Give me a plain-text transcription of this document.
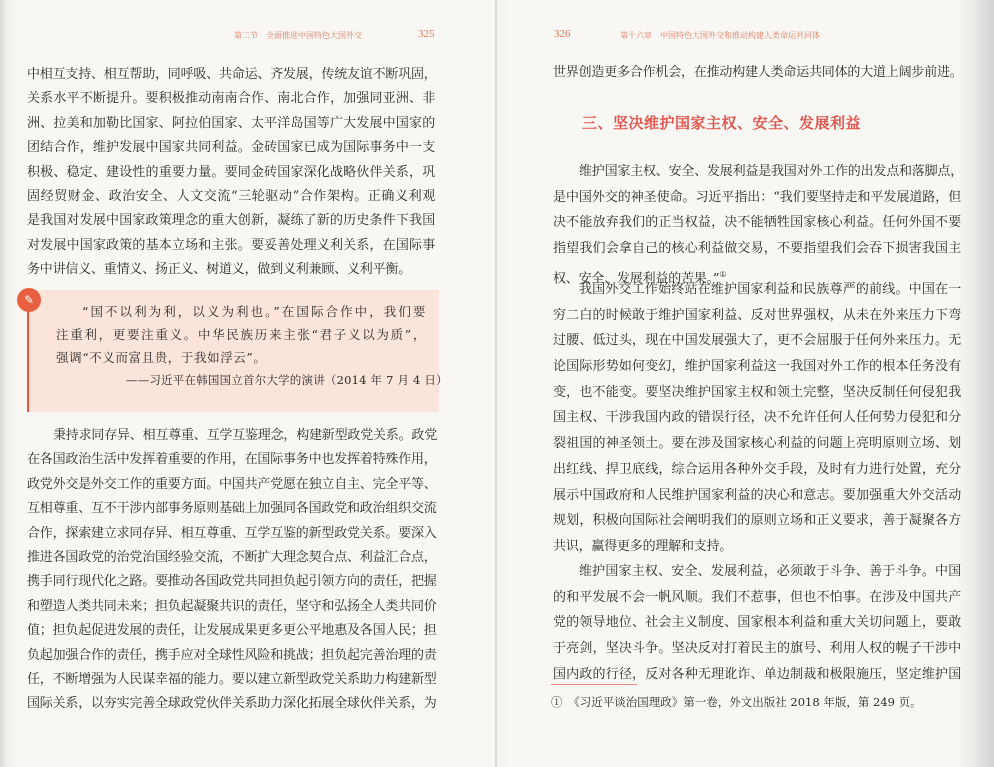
第二节　全面推进中国特色大国外交	325
中相互支持、相互帮助，同呼吸、共命运、齐发展，传统友谊不断巩固，
关系水平不断提升。要积极推动南南合作、南北合作，加强同亚洲、非
洲、拉美和加勒比国家、阿拉伯国家、太平洋岛国等广大发展中国家的
团结合作，维护发展中国家共同利益。金砖国家已成为国际事务中一支
积极、稳定、建设性的重要力量。要同金砖国家深化战略伙伴关系，巩
固经贸财金、政治安全、人文交流“三轮驱动”合作架构。正确义利观
是我国对发展中国家政策理念的重大创新，凝练了新的历史条件下我国
对发展中国家政策的基本立场和主张。要妥善处理义利关系，在国际事
务中讲信义、重情义、扬正义、树道义，做到义利兼顾、义利平衡。
✎
“国不以利为利，以义为利也。”在国际合作中，我们要
注重利，更要注重义。中华民族历来主张“君子义以为质”，
强调“不义而富且贵，于我如浮云”。
——习近平在韩国国立首尔大学的演讲（2014 年 7 月 4 日）
秉持求同存异、相互尊重、互学互鉴理念，构建新型政党关系。政党
在各国政治生活中发挥着重要的作用，在国际事务中也发挥着特殊作用，
政党外交是外交工作的重要方面。中国共产党愿在独立自主、完全平等、
互相尊重、互不干涉内部事务原则基础上加强同各国政党和政治组织交流
合作，探索建立求同存异、相互尊重、互学互鉴的新型政党关系。要深入
推进各国政党的治党治国经验交流，不断扩大理念契合点、利益汇合点，
携手同行现代化之路。要推动各国政党共同担负起引领方向的责任，把握
和塑造人类共同未来；担负起凝聚共识的责任，坚守和弘扬全人类共同价
值；担负起促进发展的责任，让发展成果更多更公平地惠及各国人民；担
负起加强合作的责任，携手应对全球性风险和挑战；担负起完善治理的责
任，不断增强为人民谋幸福的能力。要以建立新型政党关系助力构建新型
国际关系，以夯实完善全球政党伙伴关系助力深化拓展全球伙伴关系，为
326	第十六章　中国特色大国外交和推动构建人类命运共同体
世界创造更多合作机会，在推动构建人类命运共同体的大道上阔步前进。
维护国家主权、安全、发展利益是我国对外工作的出发点和落脚点，
是中国外交的神圣使命。习近平指出：“我们要坚持走和平发展道路，但
决不能放弃我们的正当权益，决不能牺牲国家核心利益。任何外国不要
指望我们会拿自己的核心利益做交易，不要指望我们会吞下损害我国主
权、安全、发展利益的苦果。”①
我国外交工作始终站在维护国家利益和民族尊严的前线。中国在一
穷二白的时候敢于维护国家利益、反对世界强权，从未在外来压力下弯
过腰、低过头，现在中国发展强大了，更不会屈服于任何外来压力。无
论国际形势如何变幻，维护国家利益这一我国对外工作的根本任务没有
变，也不能变。要坚决维护国家主权和领土完整，坚决反制任何侵犯我
国主权、干涉我国内政的错误行径，决不允许任何人任何势力侵犯和分
裂祖国的神圣领土。要在涉及国家核心利益的问题上亮明原则立场、划
出红线、捍卫底线，综合运用各种外交手段，及时有力进行处置，充分
展示中国政府和人民维护国家利益的决心和意志。要加强重大外交活动
规划，积极向国际社会阐明我们的原则立场和正义要求，善于凝聚各方
共识，赢得更多的理解和支持。
维护国家主权、安全、发展利益，必须敢于斗争、善于斗争。中国
的和平发展不会一帆风顺。我们不惹事，但也不怕事。在涉及中国共产
党的领导地位、社会主义制度、国家根本利益和重大关切问题上，要敢
于亮剑，坚决斗争。坚决反对打着民主的旗号、利用人权的幌子干涉中
国内政的行径，反对各种无理讹诈、单边制裁和极限施压，坚定维护国
三、坚决维护国家主权、安全、发展利益
①　《习近平谈治国理政》第一卷，外文出版社 2018 年版，第 249 页。
